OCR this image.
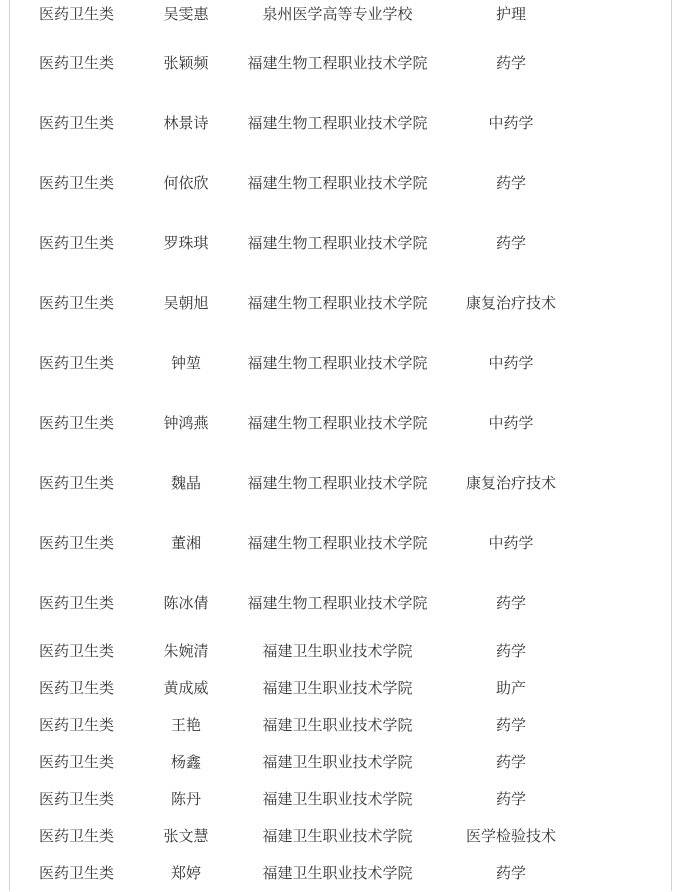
医药卫生类	吴雯惠	泉州医学高等专业学校	护理	
医药卫生类	张颖频	福建生物工程职业技术学院	药学	
医药卫生类	林景诗	福建生物工程职业技术学院	中药学	
医药卫生类	何依欣	福建生物工程职业技术学院	药学	
医药卫生类	罗珠琪	福建生物工程职业技术学院	药学	
医药卫生类	吴朝旭	福建生物工程职业技术学院	康复治疗技术	
医药卫生类	钟堃	福建生物工程职业技术学院	中药学	
医药卫生类	钟鸿燕	福建生物工程职业技术学院	中药学	
医药卫生类	魏晶	福建生物工程职业技术学院	康复治疗技术	
医药卫生类	董湘	福建生物工程职业技术学院	中药学	
医药卫生类	陈冰倩	福建生物工程职业技术学院	药学	
医药卫生类	朱婉清	福建卫生职业技术学院	药学	
医药卫生类	黄成威	福建卫生职业技术学院	助产	
医药卫生类	王艳	福建卫生职业技术学院	药学	
医药卫生类	杨鑫	福建卫生职业技术学院	药学	
医药卫生类	陈丹	福建卫生职业技术学院	药学	
医药卫生类	张文慧	福建卫生职业技术学院	医学检验技术	
医药卫生类	郑婷	福建卫生职业技术学院	药学	
